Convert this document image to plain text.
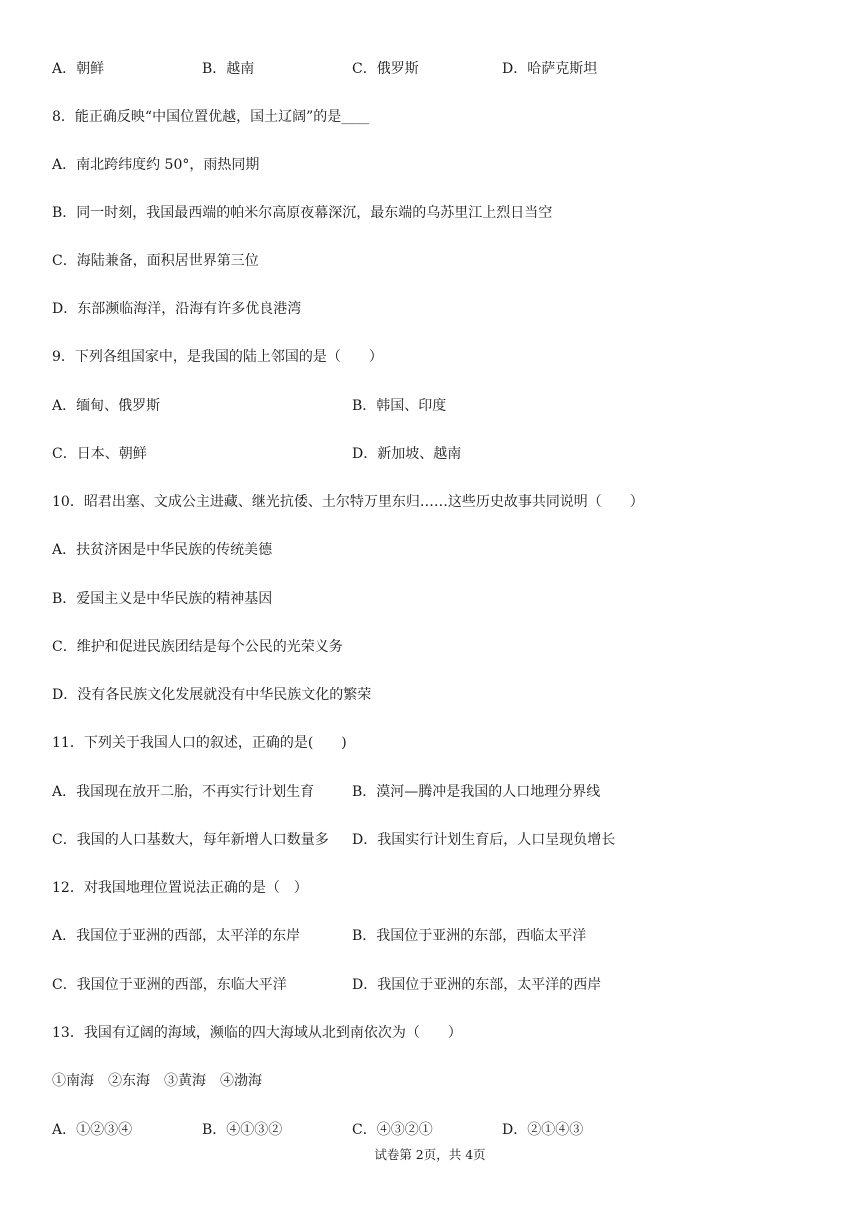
A．朝鲜	B．越南	C．俄罗斯	D．哈萨克斯坦
8．能正确反映“中国位置优越，国土辽阔”的是____
A．南北跨纬度约 50°，雨热同期
B．同一时刻，我国最西端的帕米尔高原夜幕深沉，最东端的乌苏里江上烈日当空
C．海陆兼备，面积居世界第三位
D．东部濒临海洋，沿海有许多优良港湾
9．下列各组国家中，是我国的陆上邻国的是（　　）
A．缅甸、俄罗斯	B．韩国、印度
C．日本、朝鲜	D．新加坡、越南
10．昭君出塞、文成公主进藏、继光抗倭、土尔特万里东归……这些历史故事共同说明（　　）
A．扶贫济困是中华民族的传统美德
B．爱国主义是中华民族的精神基因
C．维护和促进民族团结是每个公民的光荣义务
D．没有各民族文化发展就没有中华民族文化的繁荣
11．下列关于我国人口的叙述，正确的是(　　)
A．我国现在放开二胎，不再实行计划生育	B．漠河—腾冲是我国的人口地理分界线
C．我国的人口基数大，每年新增人口数量多 D．我国实行计划生育后，人口呈现负增长
12．对我国地理位置说法正确的是（　）
A．我国位于亚洲的西部，太平洋的东岸	B．我国位于亚洲的东部，西临太平洋
C．我国位于亚洲的西部，东临大平洋	D．我国位于亚洲的东部，太平洋的西岸
13．我国有辽阔的海域，濒临的四大海域从北到南依次为（　　）
①南海　②东海　③黄海　④渤海
A．①②③④	B．④①③②	C．④③②①	D．②①④③
试卷第 2页，共 4页
